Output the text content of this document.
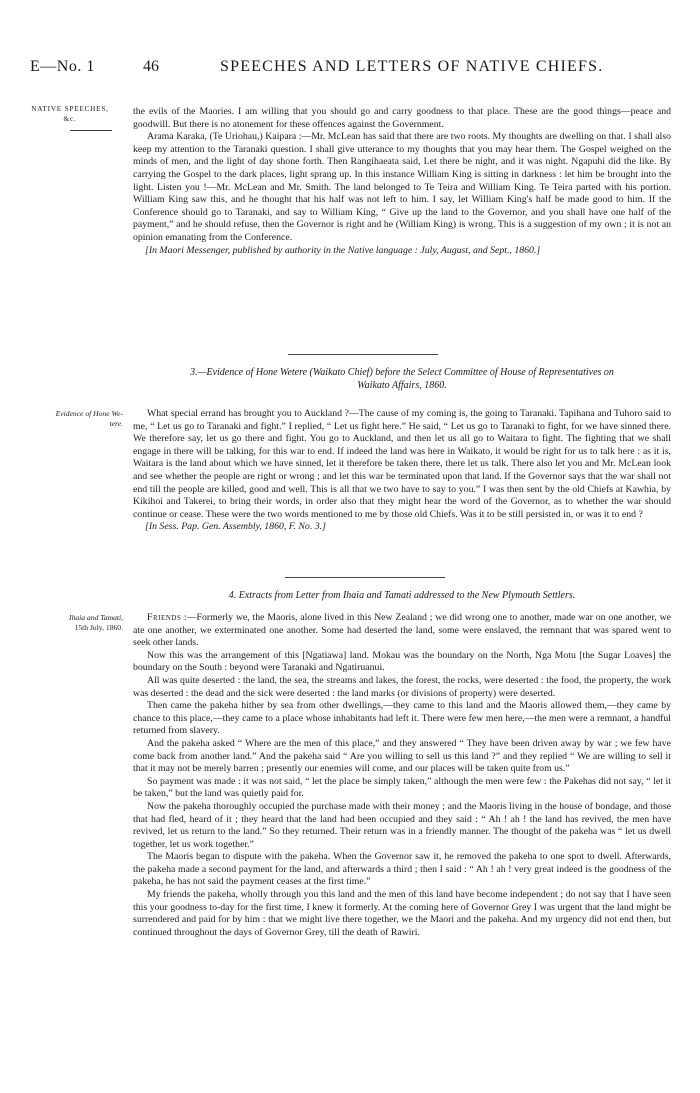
E—No. 1	46	SPEECHES AND LETTERS OF NATIVE CHIEFS.
NATIVE SPEECHES,
&c.
Evidence of Hone We-
tere.
Ihaia and Tamati,
15th July, 1860.

the evils of the Maories. I am willing that you should go and carry goodness to that place. These are the good things—peace and goodwill. But there is no atonement for these offences against the Government.

Arama Karaka, (Te Uriohau,) Kaipara :—Mr. McLean has said that there are two roots. My thoughts are dwelling on that. I shall also keep my attention to the Taranaki question. I shall give utterance to my thoughts that you may hear them. The Gospel weighed on the minds of men, and the light of day shone forth. Then Rangihaeata said, Let there be night, and it was night. Ngapuhi did the like. By carrying the Gospel to the dark places, light sprang up. In this instance William King is sitting in darkness : let him be brought into the light. Listen you !—Mr. McLean and Mr. Smith. The land belonged to Te Teira and William King. Te Teira parted with his portion. William King saw this, and he thought that his half was not left to him. I say, let William King's half be made good to him. If the Conference should go to Taranaki, and say to William King, “ Give up the land to the Governor, and you shall have one half of the payment,” and he should refuse, then the Governor is right and he (William King) is wrong. This is a suggestion of my own ; it is not an opinion emanating from the Conference.

[In Maori Messenger, published by authority in the Native language : July, August, and Sept., 1860.]

3.—Evidence of Hone Wetere (Waikato Chief) before the Select Committee of House of Representatives on
Waikato Affairs, 1860.

What special errand has brought you to Auckland ?—The cause of my coming is, the going to Taranaki. Tapihana and Tuhoro said to me, “ Let us go to Taranaki and fight.” I replied, “ Let us fight here.” He said, “ Let us go to Taranaki to fight, for we have sinned there. We therefore say, let us go there and fight. You go to Auckland, and then let us all go to Waitara to fight. The fighting that we shall engage in there will be talking, for this war to end. If indeed the land was here in Waikato, it would be right for us to talk here : as it is, Waitara is the land about which we have sinned, let it therefore be taken there, there let us talk. There also let you and Mr. McLean look and see whether the people are right or wrong ; and let this war be terminated upon that land. If the Governor says that the war shall not end till the people are killed, good and well. This is all that we two have to say to you.” I was then sent by the old Chiefs at Kawhia, by Kikihoi and Takerei, to bring their words, in order also that they might hear the word of the Governor, as to whether the war should continue or cease. These were the two words mentioned to me by those old Chiefs. Was it to be still persisted in, or was it to end ?

[In Sess. Pap. Gen. Assembly, 1860, F. No. 3.]

4. Extracts from Letter from Ihaia and Tamati addressed to the New Plymouth Settlers.

Friends :—Formerly we, the Maoris, alone lived in this New Zealand ; we did wrong one to another, made war on one another, we ate one another, we exterminated one another. Some had deserted the land, some were enslaved, the remnant that was spared went to seek other lands.

Now this was the arrangement of this [Ngatiawa] land. Mokau was the boundary on the North, Nga Motu [the Sugar Loaves] the boundary on the South : beyond were Taranaki and Ngatiruanui.

All was quite deserted : the land, the sea, the streams and lakes, the forest, the rocks, were deserted : the food, the property, the work was deserted : the dead and the sick were deserted : the land marks (or divisions of property) were deserted.

Then came the pakeha hither by sea from other dwellings,—they came to this land and the Maoris allowed them,—they came by chance to this place,—they came to a place whose inhabitants had left it. There were few men here,—the men were a remnant, a handful returned from slavery.

And the pakeha asked “ Where are the men of this place,” and they answered “ They have been driven away by war ; we few have come back from another land.” And the pakeha said “ Are you willing to sell us this land ?” and they replied “ We are willing to sell it that it may not be merely barren ; presently our enemies will come, and our places will be taken quite from us.”

So payment was made : it was not said, “ let the place be simply taken,” although the men were few : the Pakehas did not say, “ let it be taken,” but the land was quietly paid for.

Now the pakeha thoroughly occupied the purchase made with their money ; and the Maoris living in the house of bondage, and those that had fled, heard of it ; they heard that the land had been occupied and they said : “ Ah ! ah ! the land has revived, the men have revived, let us return to the land.” So they returned. Their return was in a friendly manner. The thought of the pakeha was “ let us dwell together, let us work together.”

The Maoris began to dispute with the pakeha. When the Governor saw it, he removed the pakeha to one spot to dwell. Afterwards, the pakeha made a second payment for the land, and afterwards a third ; then I said : “ Ah ! ah ! very great indeed is the goodness of the pakeha, he has not said the payment ceases at the first time.”

My friends the pakeha, wholly through you this land and the men of this land have become independent ; do not say that I have seen this your goodness to-day for the first time, I knew it formerly. At the coming here of Governor Grey I was urgent that the land might be surrendered and paid for by him : that we might live there together, we the Maori and the pakeha. And my urgency did not end then, but continued throughout the days of Governor Grey, till the death of Rawiri.
